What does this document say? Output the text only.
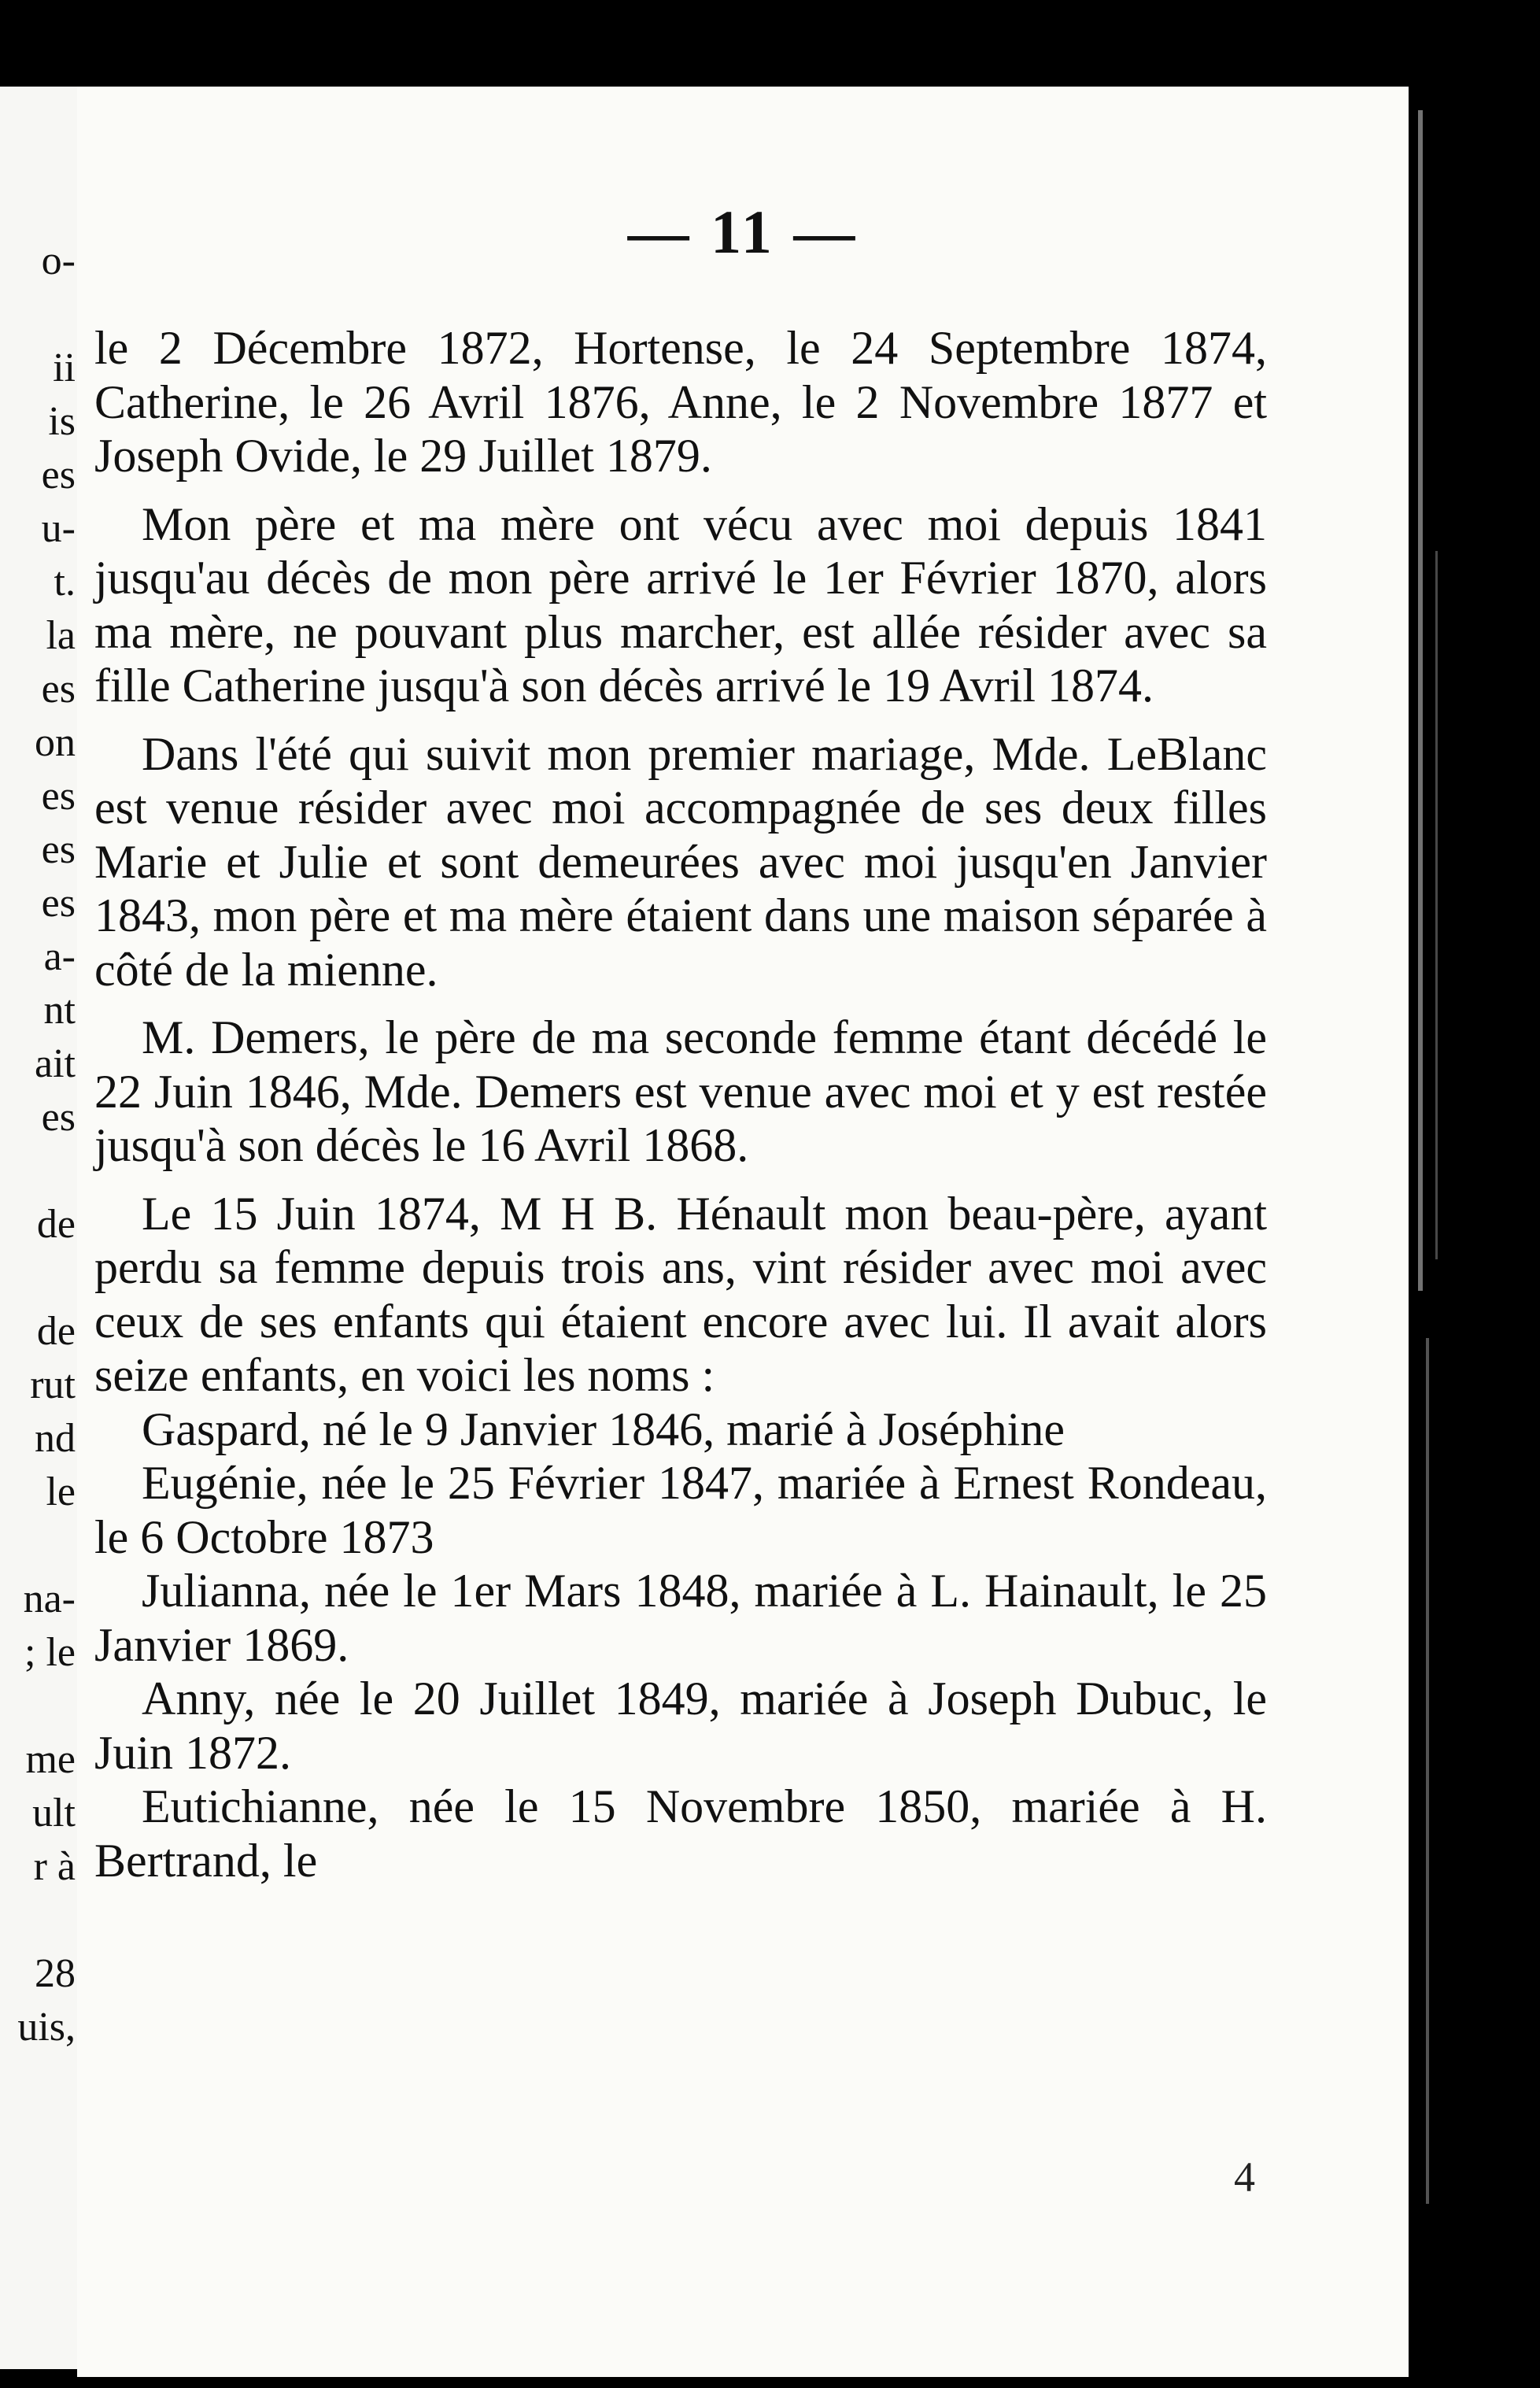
o-
ii
is
es
u-
t.
la
es
on
es
es
es
a-
nt
ait
es
de
de
rut
nd
le
na-
; le
me
ult
r à
28
uis,
— 11 —

le 2 Décembre 1872, Hortense, le 24 Septembre 1874, Catherine, le 26 Avril 1876, Anne, le 2 Novembre 1877 et Joseph Ovide, le 29 Juillet 1879.

Mon père et ma mère ont vécu avec moi depuis 1841 jusqu'au décès de mon père arrivé le 1er Février 1870, alors ma mère, ne pouvant plus marcher, est allée résider avec sa fille Catherine jusqu'à son décès arrivé le 19 Avril 1874.

Dans l'été qui suivit mon premier mariage, Mde. LeBlanc est venue résider avec moi accompagnée de ses deux filles Marie et Julie et sont demeurées avec moi jusqu'en Janvier 1843, mon père et ma mère étaient dans une maison séparée à côté de la mienne.

M. Demers, le père de ma seconde femme étant décédé le 22 Juin 1846, Mde. Demers est venue avec moi et y est restée jusqu'à son décès le 16 Avril 1868.

Le 15 Juin 1874, M H B. Hénault mon beau-père, ayant perdu sa femme depuis trois ans, vint résider avec moi avec ceux de ses enfants qui étaient encore avec lui. Il avait alors seize enfants, en voici les noms :

Gaspard, né le 9 Janvier 1846, marié à Joséphine

Eugénie, née le 25 Février 1847, mariée à Ernest Rondeau, le 6 Octobre 1873

Julianna, née le 1er Mars 1848, mariée à L. Hainault, le 25 Janvier 1869.

Anny, née le 20 Juillet 1849, mariée à Joseph Dubuc, le Juin 1872.

Eutichianne, née le 15 Novembre 1850, mariée à H. Bertrand, le

4
